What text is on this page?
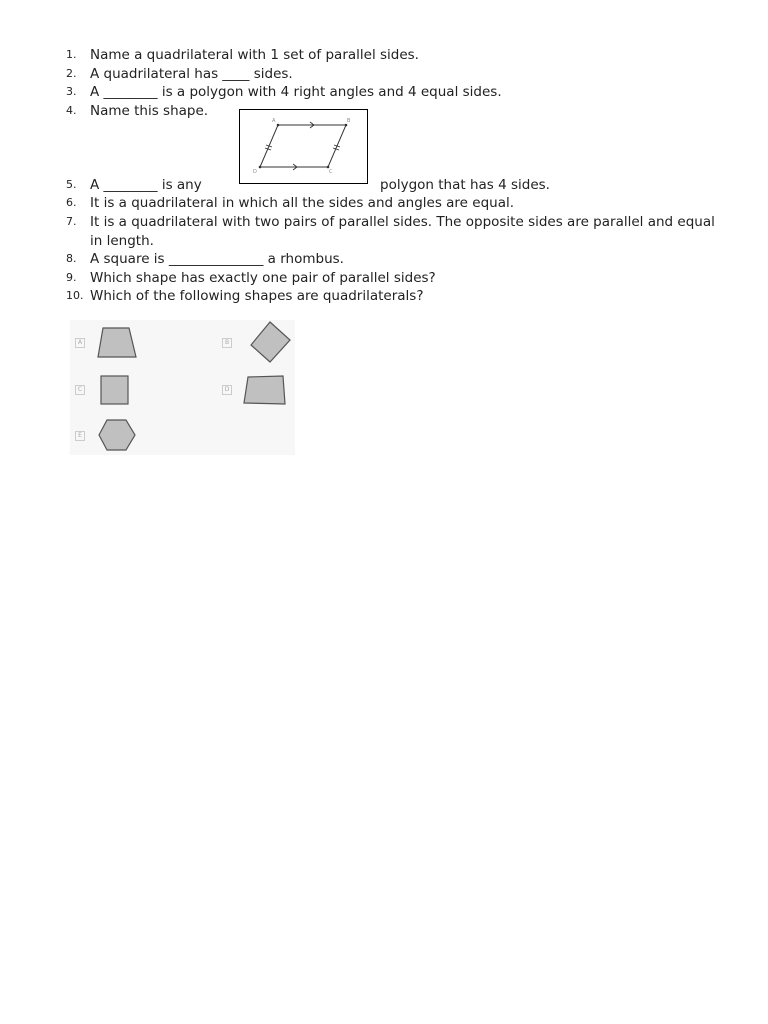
1.	Name a quadrilateral with 1 set of parallel sides.
2.	A quadrilateral has ____ sides.
3.	A ________ is a polygon with 4 right angles and 4 equal sides.
4.	Name this shape.
A	B
C
D
5.	A ________ is any	polygon that has 4 sides.
6.	It is a quadrilateral in which all the sides and angles are equal.
7.	It is a quadrilateral with two pairs of parallel sides. The opposite sides are parallel and equal in length.
8.	A square is ______________ a rhombus.
9.	Which shape has exactly one pair of parallel sides?
10. Which of the following shapes are quadrilaterals?
A	B
C	D
E
